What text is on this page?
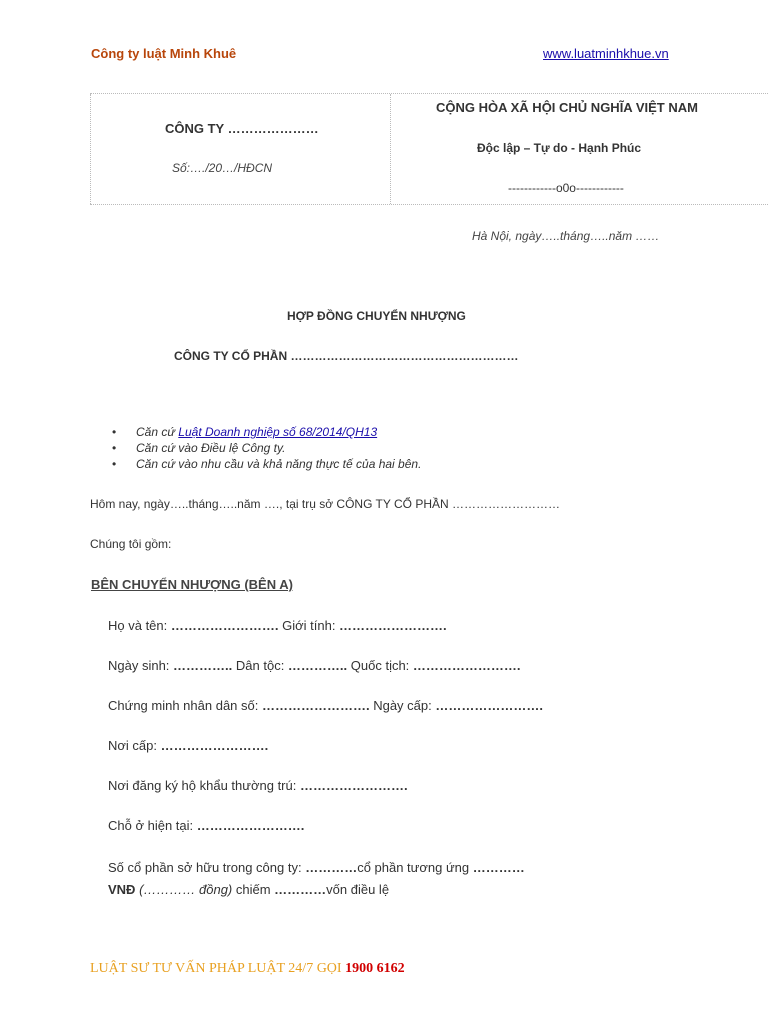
Công ty luật Minh Khuê	www.luatminhkhue.vn
CÔNG TY …………………
Số:…./20…/HĐCN
CỘNG HÒA XÃ HỘI CHỦ NGHĨA VIỆT NAM
Độc lập – Tự do - Hạnh Phúc
------------o0o------------
Hà Nội, ngày…..tháng…..năm ……
HỢP ĐỒNG CHUYỂN NHƯỢNG
CÔNG TY CỔ PHẦN …………………………………………………
• Căn cứ Luật Doanh nghiệp số 68/2014/QH13
• Căn cứ vào Điều lệ Công ty.
• Căn cứ vào nhu cầu và khả năng thực tế của hai bên.
Hôm nay, ngày…..tháng…..năm …., tại trụ sở CÔNG TY CỔ PHẦN ………………………
Chúng tôi gồm:
BÊN CHUYỂN NHƯỢNG (BÊN A)
Họ và tên: ……………………. Giới tính: …………………….
Ngày sinh: ………….. Dân tộc: ………….. Quốc tịch: …………………….
Chứng minh nhân dân số: ……………………. Ngày cấp: …………………….
Nơi cấp: …………………….
Nơi đăng ký hộ khẩu thường trú: …………………….
Chỗ ở hiện tại: …………………….
Số cổ phần sở hữu trong công ty: …………cổ phần tương ứng …………
VNĐ (………… đồng) chiếm …………vốn điều lệ
LUẬT SƯ TƯ VẤN PHÁP LUẬT 24/7 GỌI 1900 6162
